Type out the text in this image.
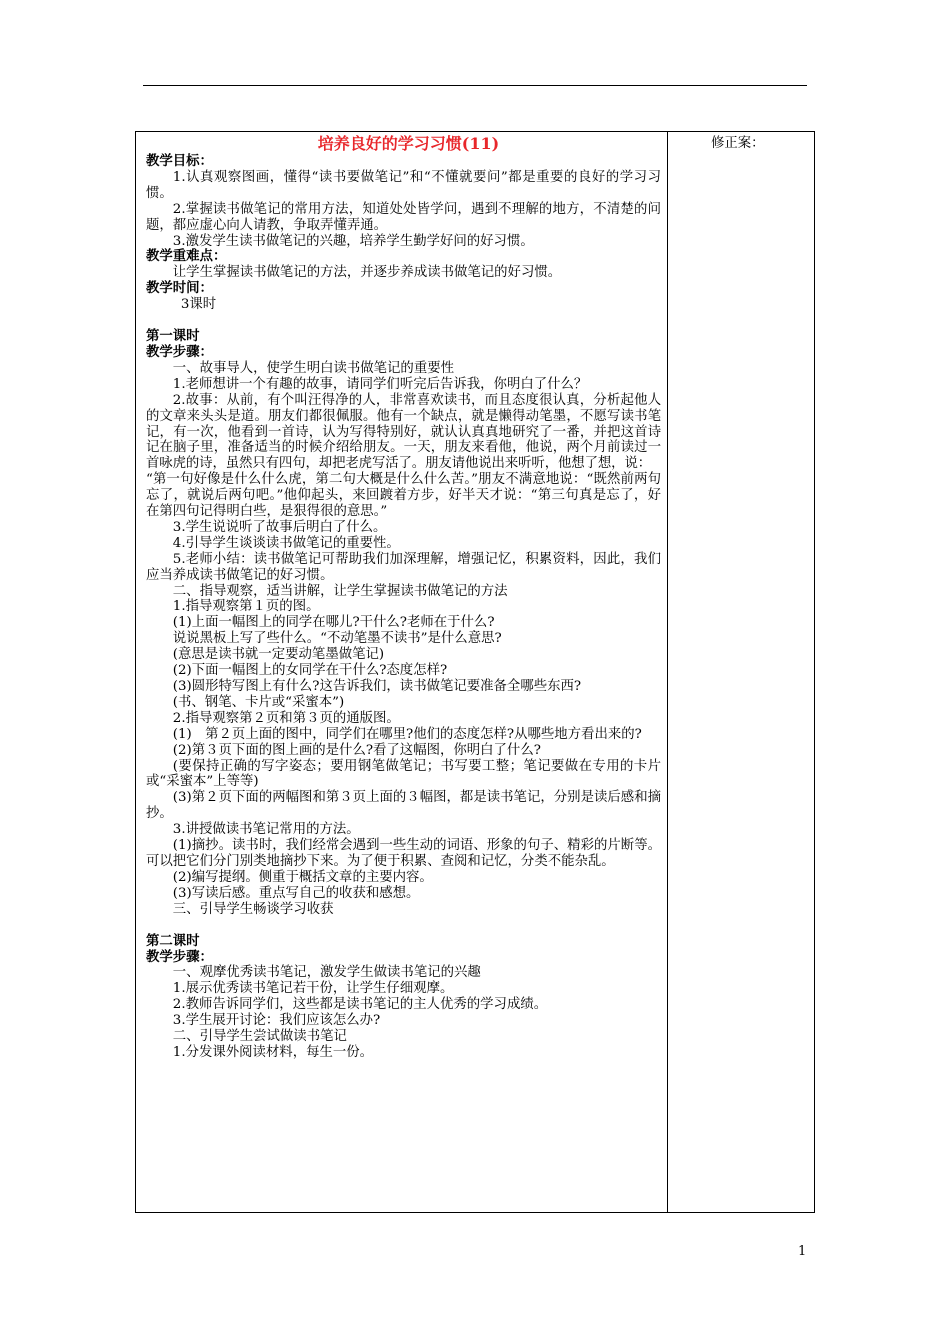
培养良好的学习习惯(11)

教学目标：

1.认真观察图画，懂得“读书要做笔记”和“不懂就要问”都是重要的良好的学习习惯。

2.掌握读书做笔记的常用方法，知道处处皆学问，遇到不理解的地方，不清楚的问题，都应虚心向人请教，争取弄懂弄通。

3.激发学生读书做笔记的兴趣，培养学生勤学好问的好习惯。

教学重难点：

让学生掌握读书做笔记的方法，并逐步养成读书做笔记的好习惯。

教学时间：

3课时

第一课时

教学步骤：

一、故事导人，使学生明白读书做笔记的重要性

1.老师想讲一个有趣的故事，请同学们听完后告诉我，你明白了什么？

2.故事：从前，有个叫汪得净的人，非常喜欢读书，而且态度很认真，分析起他人的文章来头头是道。朋友们都很佩服。他有一个缺点，就是懒得动笔墨，不愿写读书笔记，有一次，他看到一首诗，认为写得特别好，就认认真真地研究了一番，并把这首诗记在脑子里，准备适当的时候介绍给朋友。一天，朋友来看他，他说，两个月前读过一首咏虎的诗，虽然只有四句，却把老虎写活了。朋友请他说出来听听，他想了想，说：

“第一句好像是什么什么虎，第二句大概是什么什么苦。”朋友不满意地说：“既然前两句忘了，就说后两句吧。”他仰起头，来回踱着方步，好半天才说：“第三句真是忘了，好在第四句记得明白些，是狠得很的意思。”

3.学生说说听了故事后明白了什么。

4.引导学生谈谈读书做笔记的重要性。

5.老师小结：读书做笔记可帮助我们加深理解，增强记忆，积累资料，因此，我们应当养成读书做笔记的好习惯。

二、指导观察，适当讲解，让学生掌握读书做笔记的方法

1.指导观察第１页的图。

(1)上面一幅图上的同学在哪儿?干什么?老师在于什么?

说说黑板上写了些什么。“不动笔墨不读书”是什么意思?

(意思是读书就一定要动笔墨做笔记)

(2)下面一幅图上的女同学在干什么?态度怎样?

(3)圆形特写图上有什么?这告诉我们，读书做笔记要准备全哪些东西?

(书、钢笔、卡片或“采蜜本”)

2.指导观察第２页和第３页的通版图。

(1)　第２页上面的图中，同学们在哪里?他们的态度怎样?从哪些地方看出来的?

(2)第３页下面的图上画的是什么?看了这幅图，你明白了什么?

(要保持正确的写字姿态；要用钢笔做笔记；书写要工整；笔记要做在专用的卡片或“采蜜本”上等等)

(3)第２页下面的两幅图和第３页上面的３幅图，都是读书笔记，分别是读后感和摘抄。

3.讲授做读书笔记常用的方法。

(1)摘抄。读书时，我们经常会遇到一些生动的词语、形象的句子、精彩的片断等。可以把它们分门别类地摘抄下来。为了便于积累、查阅和记忆，分类不能杂乱。

(2)编写提纲。侧重于概括文章的主要内容。

(3)写读后感。重点写自己的收获和感想。

三、引导学生畅谈学习收获

第二课时

教学步骤：

一、观摩优秀读书笔记，激发学生做读书笔记的兴趣

1.展示优秀读书笔记若干份，让学生仔细观摩。

2.教师告诉同学们，这些都是读书笔记的主人优秀的学习成绩。

3.学生展开讨论：我们应该怎么办?

二、引导学生尝试做读书笔记

1.分发课外阅读材料，每生一份。

修正案：

1
